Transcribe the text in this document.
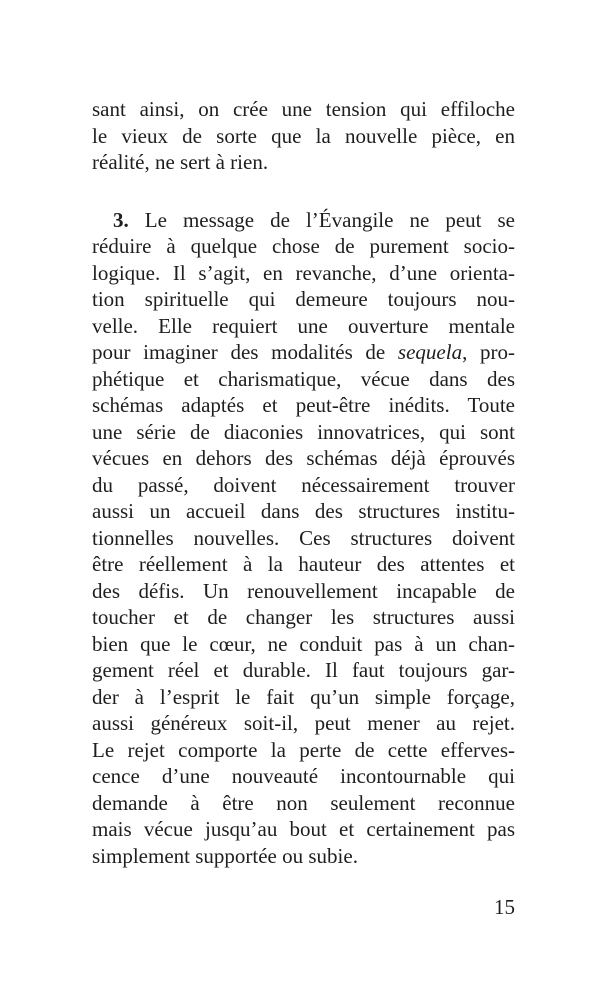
sant ainsi, on crée une tension qui effiloche
le vieux de sorte que la nouvelle pièce, en
réalité, ne sert à rien.
3. Le message de l’Évangile ne peut se
réduire à quelque chose de purement socio-
logique. Il s’agit, en revanche, d’une orienta-
tion spirituelle qui demeure toujours nou-
velle. Elle requiert une ouverture mentale
pour imaginer des modalités de sequela, pro-
phétique et charismatique, vécue dans des
schémas adaptés et peut-être inédits. Toute
une série de diaconies innovatrices, qui sont
vécues en dehors des schémas déjà éprouvés
du passé, doivent nécessairement trouver
aussi un accueil dans des structures institu-
tionnelles nouvelles. Ces structures doivent
être réellement à la hauteur des attentes et
des défis. Un renouvellement incapable de
toucher et de changer les structures aussi
bien que le cœur, ne conduit pas à un chan-
gement réel et durable. Il faut toujours gar-
der à l’esprit le fait qu’un simple forçage,
aussi généreux soit-il, peut mener au rejet.
Le rejet comporte la perte de cette efferves-
cence d’une nouveauté incontournable qui
demande à être non seulement reconnue
mais vécue jusqu’au bout et certainement pas
simplement supportée ou subie.
15
